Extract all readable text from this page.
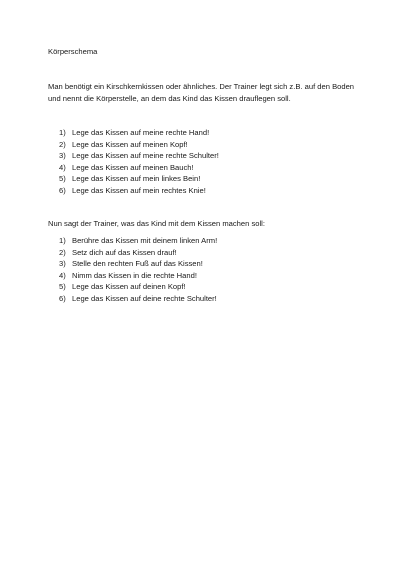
Körperschema

Man benötigt ein Kirschkernkissen oder ähnliches. Der Trainer legt sich z.B. auf den Boden und nennt die Körperstelle, an dem das Kind das Kissen drauflegen soll.

1) Lege das Kissen auf meine rechte Hand!
2) Lege das Kissen auf meinen Kopf!
3) Lege das Kissen auf meine rechte Schulter!
4) Lege das Kissen auf meinen Bauch!
5) Lege das Kissen auf mein linkes Bein!
6) Lege das Kissen auf mein rechtes Knie!

Nun sagt der Trainer, was das Kind mit dem Kissen machen soll:

1) Berühre das Kissen mit deinem linken Arm!
2) Setz dich auf das Kissen drauf!
3) Stelle den rechten Fuß auf das Kissen!
4) Nimm das Kissen in die rechte Hand!
5) Lege das Kissen auf deinen Kopf!
6) Lege das Kissen auf deine rechte Schulter!
